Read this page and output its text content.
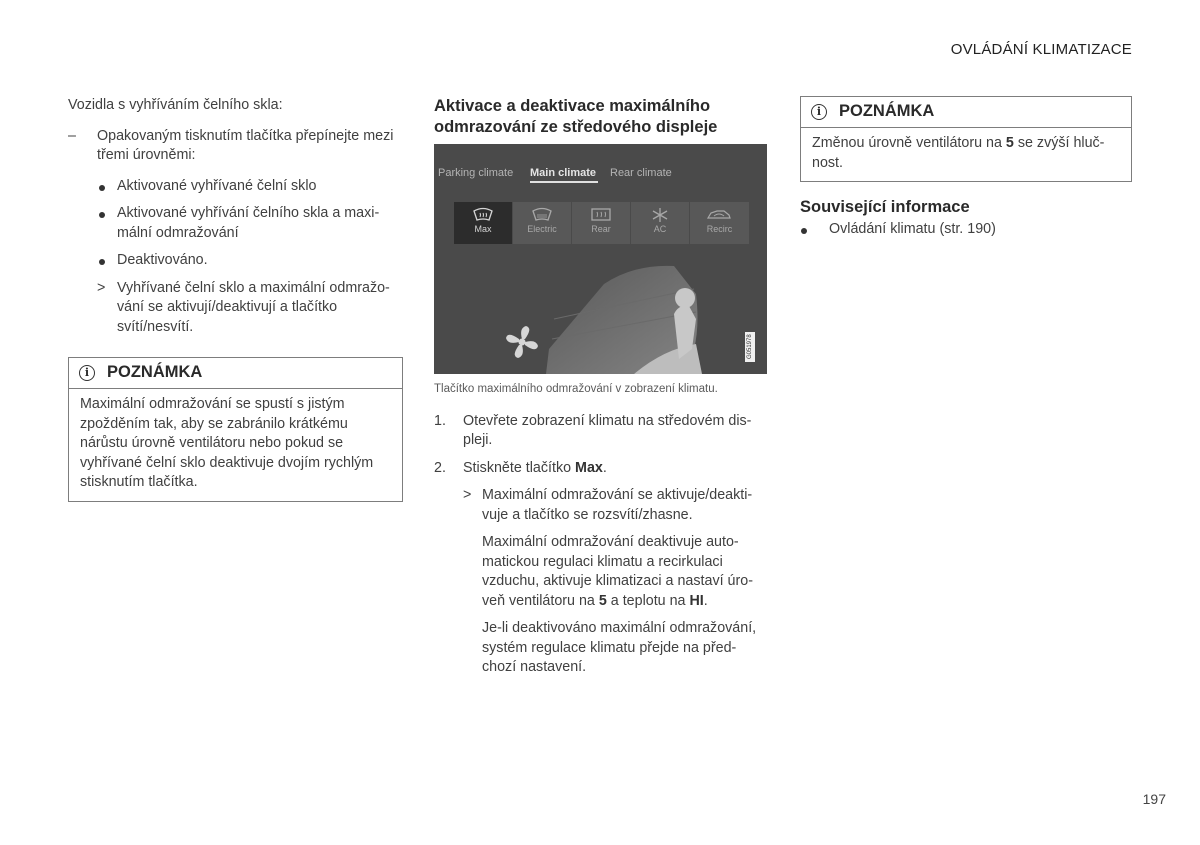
OVLÁDÁNÍ KLIMATIZACE

Vozidla s vyhříváním čelního skla:

– Opakovaným tisknutím tlačítka přepínejte mezi třemi úrovněmi:
Aktivované vyhřívané čelní sklo
Aktivované vyhřívání čelního skla a maxi-mální odmražování
Deaktivováno.
> Vyhřívané čelní sklo a maximální odmražo-vání se aktivují/deaktivují a tlačítko svítí/nesvítí.
i	POZNÁMKA
Maximální odmražování se spustí s jistým zpožděním tak, aby se zabránilo krátkému nárůstu úrovně ventilátoru nebo pokud se vyhřívané čelní sklo deaktivuje dvojím rychlým stisknutím tlačítka.
Aktivace a deaktivace maximálního odmrazování ze středového displeje
Parking climate Main climate Rear climate
Max	Electric	Rear	AC	Recirc
G051978
Tlačítko maximálního odmražování v zobrazení klimatu.
1. Otevřete zobrazení klimatu na středovém dis-pleji.
2. Stiskněte tlačítko Max.
> Maximální odmražování se aktivuje/deakti-vuje a tlačítko se rozsvítí/zhasne.
Maximální odmražování deaktivuje auto-matickou regulaci klimatu a recirkulaci vzduchu, aktivuje klimatizaci a nastaví úro-veň ventilátoru na 5 a teplotu na HI.
Je-li deaktivováno maximální odmražování, systém regulace klimatu přejde na před-chozí nastavení.
i	POZNÁMKA
Změnou úrovně ventilátoru na 5 se zvýší hluč-nost.
Související informace
Ovládání klimatu (str. 190)
197
